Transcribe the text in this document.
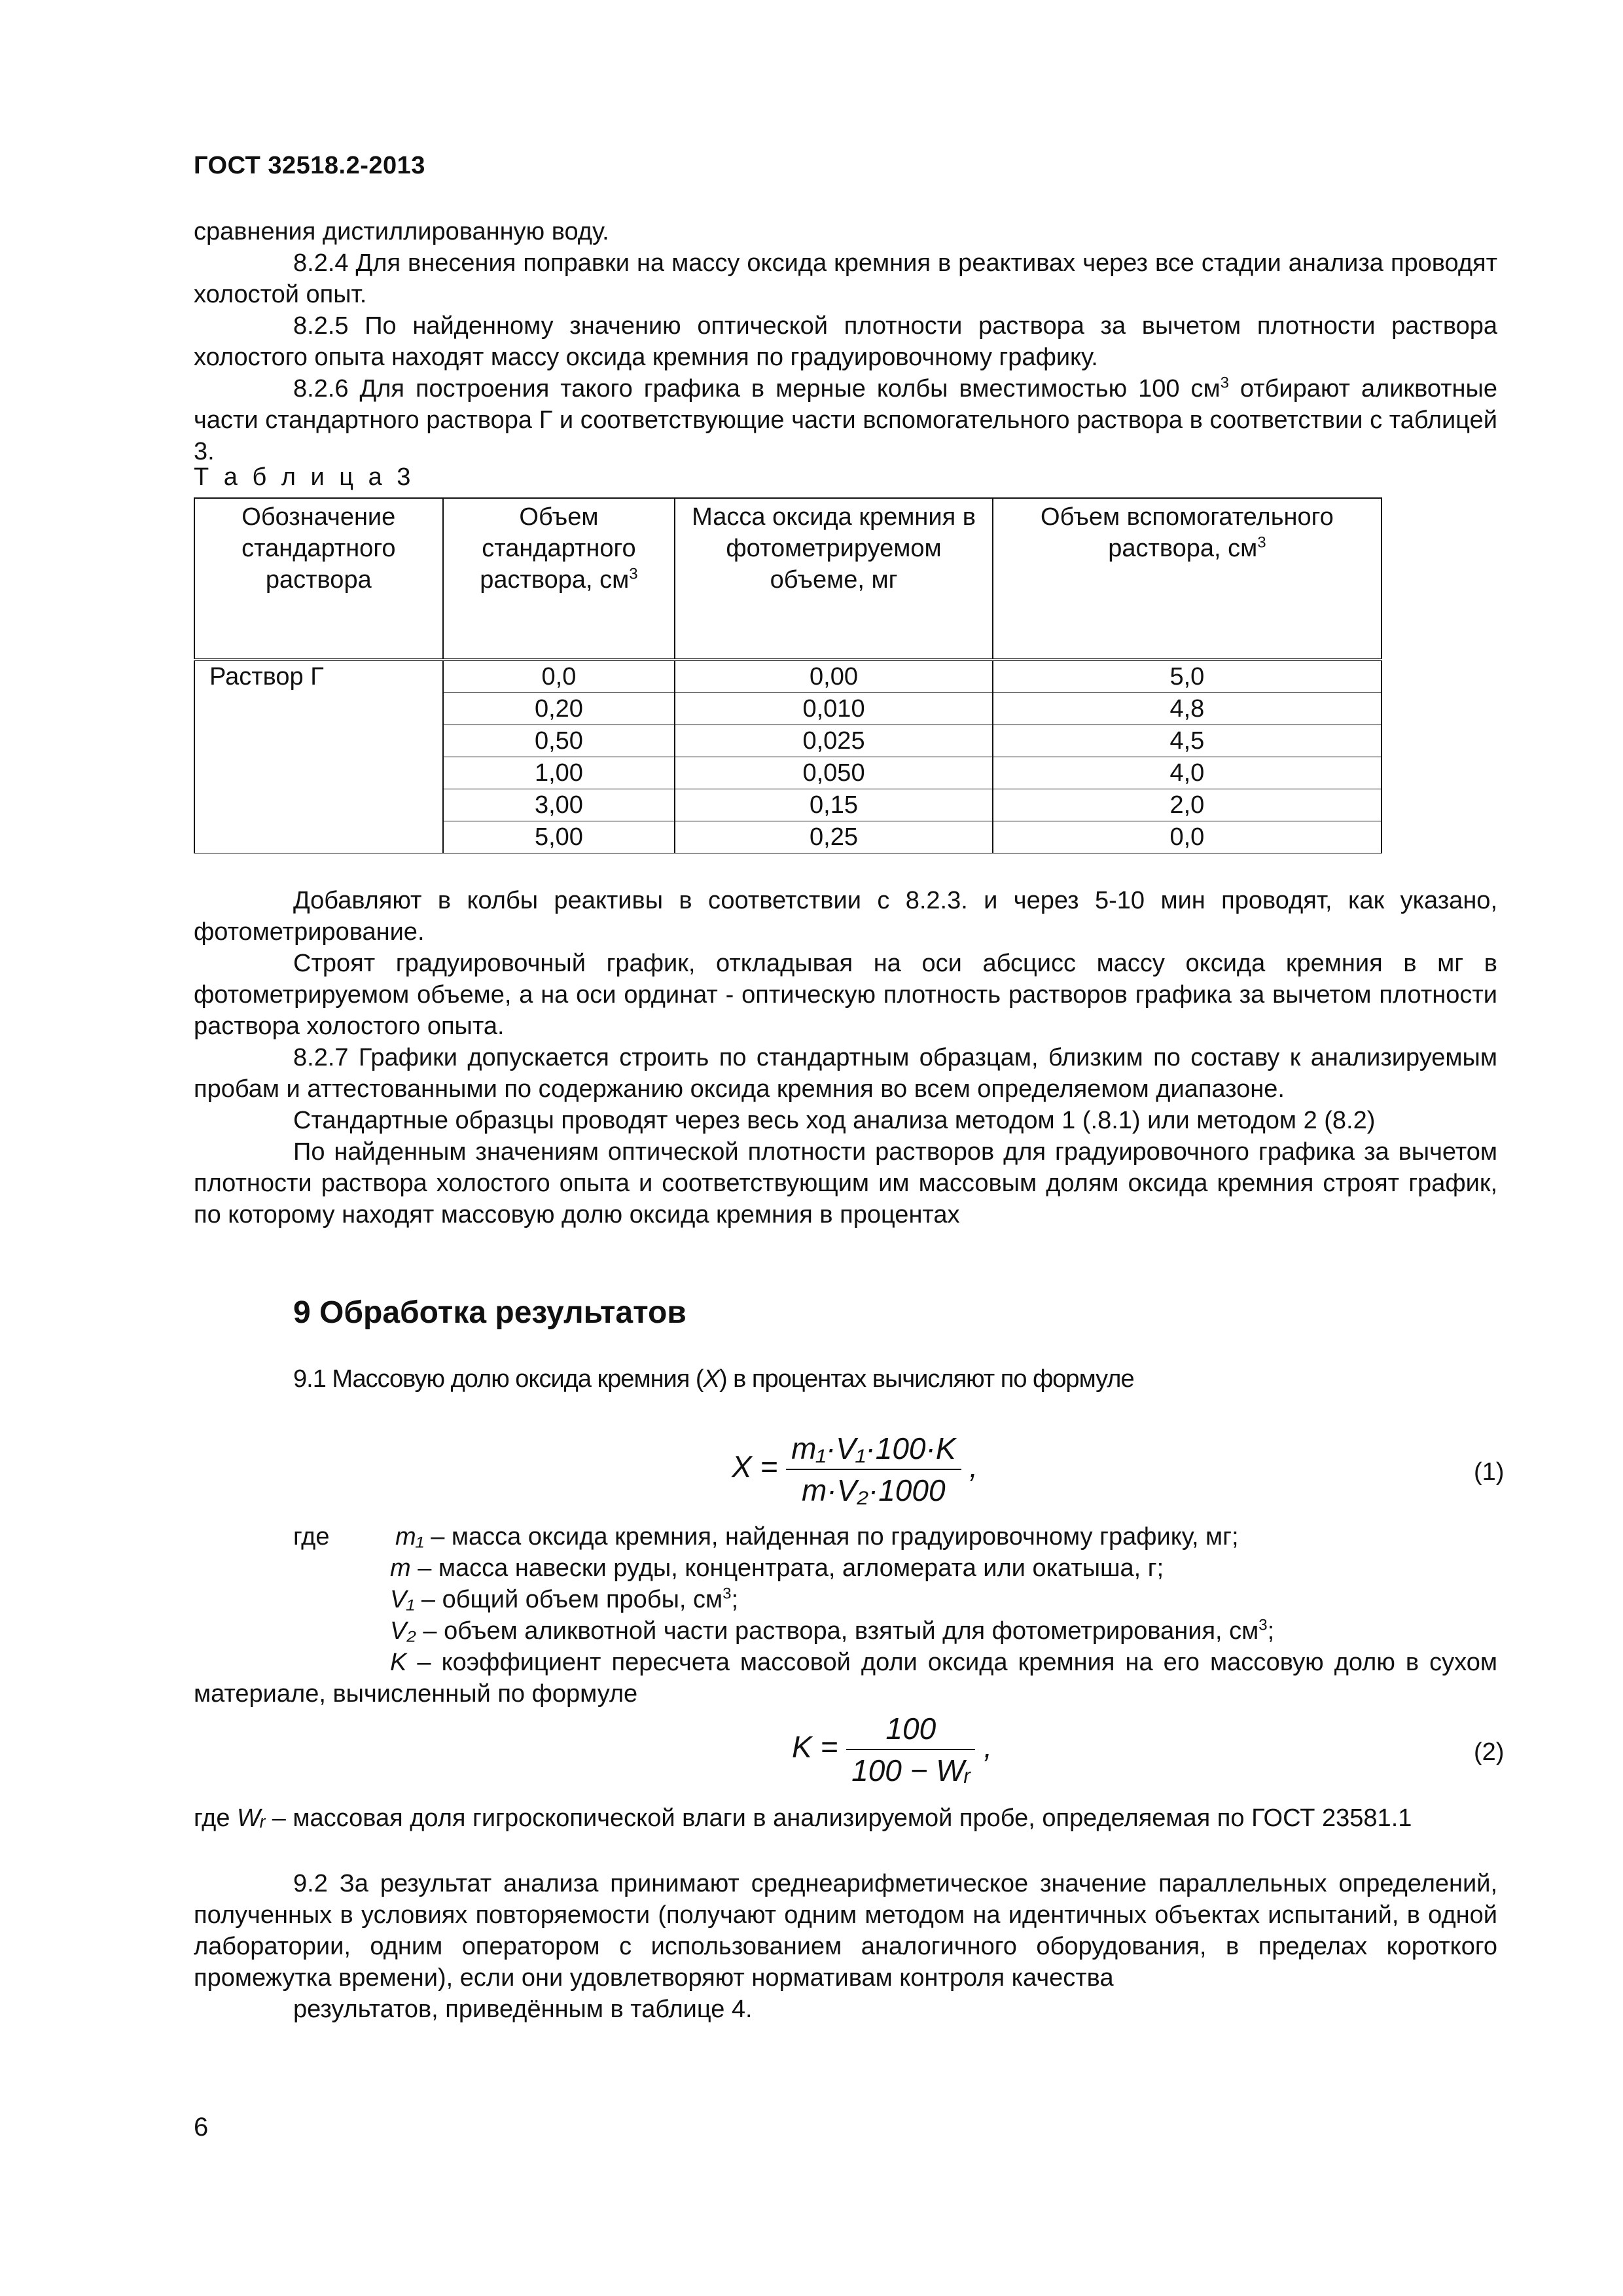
ГОСТ 32518.2-2013

сравнения дистиллированную воду.

8.2.4 Для внесения поправки на массу оксида кремния в реактивах через все стадии анализа проводят холостой опыт.

8.2.5 По найденному значению оптической плотности раствора за вычетом плотности раствора холостого опыта находят массу оксида кремния по градуировочному графику.

8.2.6 Для построения такого графика в мерные колбы вместимостью 100 $см^3$ отбирают аликвотные части стандартного раствора Г и соответствующие части вспомогательного раствора в соответствии с таблицей 3.

Т а б л и ц а 3
Обозначение стандартного раствора	Объем стандартного раствора, $см^3$	Масса оксида кремния в фотометрируемом объеме, мг	Объем вспомогательного раствора, $см^3$
Раствор Г	0,0	0,00	5,0
	0,20	0,010	4,8
	0,50	0,025	4,5
	1,00	0,050	4,0
	3,00	0,15	2,0
	5,00	0,25	0,0

Добавляют в колбы реактивы в соответствии с 8.2.3. и через 5-10 мин проводят, как указано, фотометрирование.

Строят градуировочный график, откладывая на оси абсцисс массу оксида кремния в мг в фотометрируемом объеме, а на оси ординат - оптическую плотность растворов графика за вычетом плотности раствора холостого опыта.

8.2.7 Графики допускается строить по стандартным образцам, близким по составу к анализируемым пробам и аттестованными по содержанию оксида кремния во всем определяемом диапазоне.

Стандартные образцы проводят через весь ход анализа методом 1 (.8.1) или методом 2 (8.2)

По найденным значениям оптической плотности растворов для градуировочного графика за вычетом плотности раствора холостого опыта и соответствующим им массовым долям оксида кремния строят график, по которому находят массовую долю оксида кремния в процентах

9 Обработка результатов
9.1 Массовую долю оксида кремния (X) в процентах вычисляют по формуле
$X = \frac{\text{m₁·V₁·100·K}}{\text{m·V₂·1000}}$ ,	(1)
где	m₁ – масса оксида кремния, найденная по градуировочному графику, мг;
m – масса навески руды, концентрата, агломерата или окатыша, г;
V₁ – общий объем пробы, $см^3$;
V₂ – объем аликвотной части раствора, взятый для фотометрирования, $см^3$;
K – коэффициент пересчета массовой доли оксида кремния на его массовую долю в сухом материале, вычисленный по формуле
$K = \frac{100}{\text{100 − Wᵣ}}$ ,	(2)
где Wᵣ – массовая доля гигроскопической влаги в анализируемой пробе, определяемая по ГОСТ 23581.1

9.2 За результат анализа принимают среднеарифметическое значение параллельных определений, полученных в условиях повторяемости (получают одним методом на идентичных объектах испытаний, в одной лаборатории, одним оператором с использованием аналогичного оборудования, в пределах короткого промежутка времени), если они удовлетворяют нормативам контроля качества

результатов, приведённым в таблице 4.

6
